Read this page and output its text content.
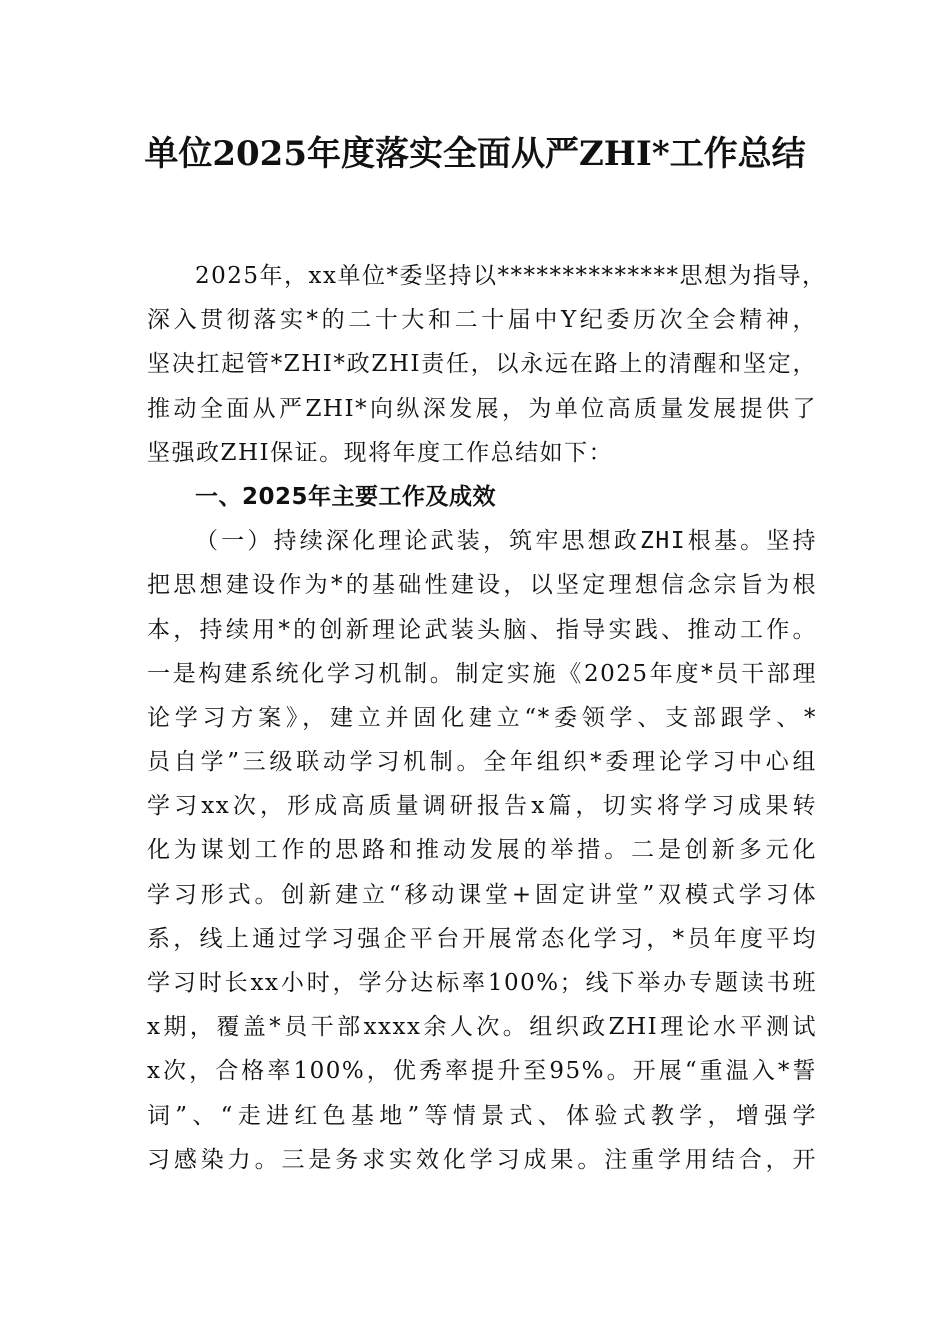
单位2025年度落实全面从严ZHI*工作总结
2025年，xx单位*委坚持以**************思想为指导，
深入贯彻落实*的二十大和二十届中Y纪委历次全会精神，
坚决扛起管*ZHI*政ZHI责任，以永远在路上的清醒和坚定，
推动全面从严ZHI*向纵深发展，为单位高质量发展提供了
坚强政ZHI保证。现将年度工作总结如下：
一、2025年主要工作及成效
（一）持续深化理论武装，筑牢思想政ZHI根基。坚持
把思想建设作为*的基础性建设，以坚定理想信念宗旨为根
本，持续用*的创新理论武装头脑、指导实践、推动工作。
一是构建系统化学习机制。制定实施《2025年度*员干部理
论学习方案》，建立并固化建立“*委领学、支部跟学、*
员自学”三级联动学习机制。全年组织*委理论学习中心组
学习xx次，形成高质量调研报告x篇，切实将学习成果转
化为谋划工作的思路和推动发展的举措。二是创新多元化
学习形式。创新建立“移动课堂+固定讲堂”双模式学习体
系，线上通过学习强企平台开展常态化学习，*员年度平均
学习时长xx小时，学分达标率100%；线下举办专题读书班
x期，覆盖*员干部xxxx余人次。组织政ZHI理论水平测试
x次，合格率100%，优秀率提升至95%。开展“重温入*誓
词”、“走进红色基地”等情景式、体验式教学，增强学
习感染力。三是务求实效化学习成果。注重学用结合，开
